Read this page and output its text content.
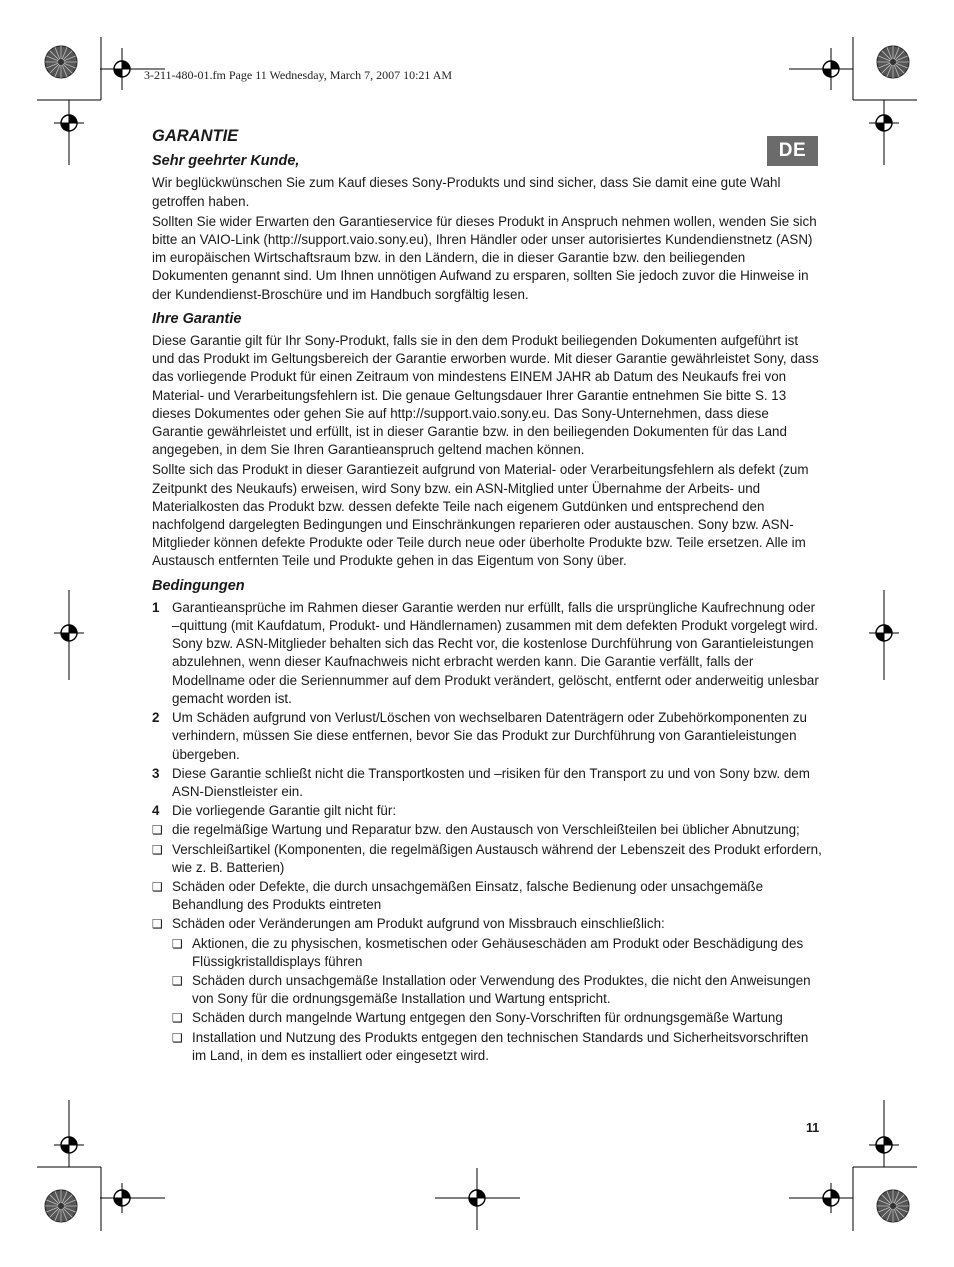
3-211-480-01.fm Page 11 Wednesday, March 7, 2007 10:21 AM
DE
GARANTIE
Sehr geehrter Kunde,

Wir beglückwünschen Sie zum Kauf dieses Sony-Produkts und sind sicher, dass Sie damit eine gute Wahl getroffen haben.

Sollten Sie wider Erwarten den Garantieservice für dieses Produkt in Anspruch nehmen wollen, wenden Sie sich bitte an VAIO-Link (http://support.vaio.sony.eu), Ihren Händler oder unser autorisiertes Kundendienstnetz (ASN) im europäischen Wirtschaftsraum bzw. in den Ländern, die in dieser Garantie bzw. den beiliegenden Dokumenten genannt sind. Um Ihnen unnötigen Aufwand zu ersparen, sollten Sie jedoch zuvor die Hinweise in der Kundendienst-Broschüre und im Handbuch sorgfältig lesen.

Ihre Garantie

Diese Garantie gilt für Ihr Sony-Produkt, falls sie in den dem Produkt beiliegenden Dokumenten aufgeführt ist und das Produkt im Geltungsbereich der Garantie erworben wurde. Mit dieser Garantie gewährleistet Sony, dass das vorliegende Produkt für einen Zeitraum von mindestens EINEM JAHR ab Datum des Neukaufs frei von Material- und Verarbeitungsfehlern ist. Die genaue Geltungsdauer Ihrer Garantie entnehmen Sie bitte S. 13 dieses Dokumentes oder gehen Sie auf http://support.vaio.sony.eu. Das Sony-Unternehmen, dass diese Garantie gewährleistet und erfüllt, ist in dieser Garantie bzw. in den beiliegenden Dokumenten für das Land angegeben, in dem Sie Ihren Garantieanspruch geltend machen können.

Sollte sich das Produkt in dieser Garantiezeit aufgrund von Material- oder Verarbeitungsfehlern als defekt (zum Zeitpunkt des Neukaufs) erweisen, wird Sony bzw. ein ASN-Mitglied unter Übernahme der Arbeits- und Materialkosten das Produkt bzw. dessen defekte Teile nach eigenem Gutdünken und entsprechend den nachfolgend dargelegten Bedingungen und Einschränkungen reparieren oder austauschen. Sony bzw. ASN-Mitglieder können defekte Produkte oder Teile durch neue oder überholte Produkte bzw. Teile ersetzen. Alle im Austausch entfernten Teile und Produkte gehen in das Eigentum von Sony über.

Bedingungen
1 Garantieansprüche im Rahmen dieser Garantie werden nur erfüllt, falls die ursprüngliche Kaufrechnung oder –quittung (mit Kaufdatum, Produkt- und Händlernamen) zusammen mit dem defekten Produkt vorgelegt wird. Sony bzw. ASN-Mitglieder behalten sich das Recht vor, die kostenlose Durchführung von Garantieleistungen abzulehnen, wenn dieser Kaufnachweis nicht erbracht werden kann. Die Garantie verfällt, falls der Modellname oder die Seriennummer auf dem Produkt verändert, gelöscht, entfernt oder anderweitig unlesbar gemacht worden ist.
2 Um Schäden aufgrund von Verlust/Löschen von wechselbaren Datenträgern oder Zubehörkomponenten zu verhindern, müssen Sie diese entfernen, bevor Sie das Produkt zur Durchführung von Garantieleistungen übergeben.
3 Diese Garantie schließt nicht die Transportkosten und –risiken für den Transport zu und von Sony bzw. dem ASN-Dienstleister ein.
4 Die vorliegende Garantie gilt nicht für:
❑ die regelmäßige Wartung und Reparatur bzw. den Austausch von Verschleißteilen bei üblicher Abnutzung;
❑ Verschleißartikel (Komponenten, die regelmäßigen Austausch während der Lebenszeit des Produkt erfordern, wie z. B. Batterien)
❑ Schäden oder Defekte, die durch unsachgemäßen Einsatz, falsche Bedienung oder unsachgemäße Behandlung des Produkts eintreten
❑ Schäden oder Veränderungen am Produkt aufgrund von Missbrauch einschließlich:
❑ Aktionen, die zu physischen, kosmetischen oder Gehäuseschäden am Produkt oder Beschädigung des Flüssigkristalldisplays führen
❑ Schäden durch unsachgemäße Installation oder Verwendung des Produktes, die nicht den Anweisungen von Sony für die ordnungsgemäße Installation und Wartung entspricht.
❑ Schäden durch mangelnde Wartung entgegen den Sony-Vorschriften für ordnungsgemäße Wartung
❑ Installation und Nutzung des Produkts entgegen den technischen Standards und Sicherheitsvorschriften im Land, in dem es installiert oder eingesetzt wird.
11
